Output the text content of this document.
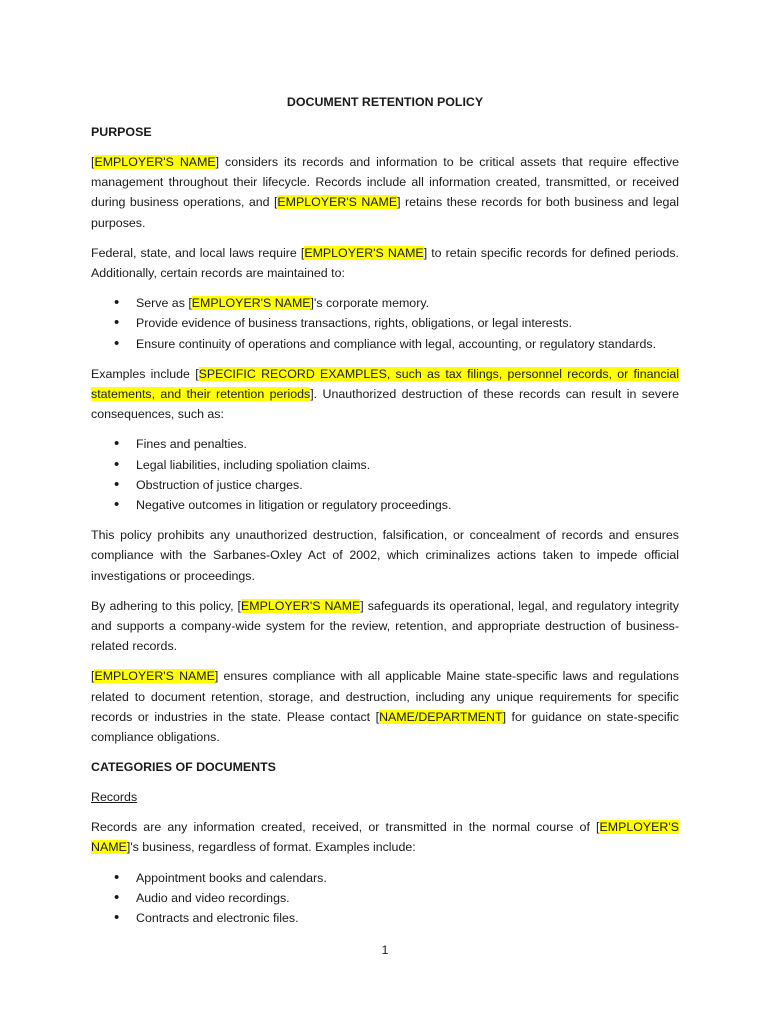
DOCUMENT RETENTION POLICY
PURPOSE

[EMPLOYER'S NAME] considers its records and information to be critical assets that require effective management throughout their lifecycle. Records include all information created, transmitted, or received during business operations, and [EMPLOYER'S NAME] retains these records for both business and legal purposes.

Federal, state, and local laws require [EMPLOYER'S NAME] to retain specific records for defined periods. Additionally, certain records are maintained to:

• Serve as [EMPLOYER'S NAME]'s corporate memory.
• Provide evidence of business transactions, rights, obligations, or legal interests.
• Ensure continuity of operations and compliance with legal, accounting, or regulatory standards.

Examples include [SPECIFIC RECORD EXAMPLES, such as tax filings, personnel records, or financial statements, and their retention periods]. Unauthorized destruction of these records can result in severe consequences, such as:

• Fines and penalties.
• Legal liabilities, including spoliation claims.
• Obstruction of justice charges.
• Negative outcomes in litigation or regulatory proceedings.

This policy prohibits any unauthorized destruction, falsification, or concealment of records and ensures compliance with the Sarbanes-Oxley Act of 2002, which criminalizes actions taken to impede official investigations or proceedings.

By adhering to this policy, [EMPLOYER'S NAME] safeguards its operational, legal, and regulatory integrity and supports a company-wide system for the review, retention, and appropriate destruction of business-related records.

[EMPLOYER'S NAME] ensures compliance with all applicable Maine state-specific laws and regulations related to document retention, storage, and destruction, including any unique requirements for specific records or industries in the state. Please contact [NAME/DEPARTMENT] for guidance on state-specific compliance obligations.

CATEGORIES OF DOCUMENTS
Records

Records are any information created, received, or transmitted in the normal course of [EMPLOYER'S NAME]'s business, regardless of format. Examples include:

• Appointment books and calendars.
• Audio and video recordings.
• Contracts and electronic files.
1
